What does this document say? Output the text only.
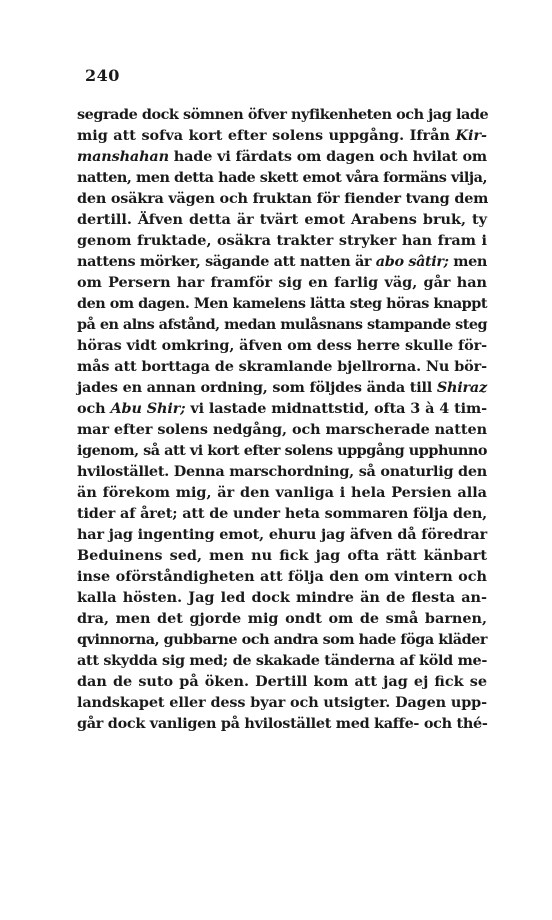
240
segrade dock sömnen öfver nyfikenheten och jag lade
mig att sofva kort efter solens uppgång. Ifrån Kir-
manshahan hade vi färdats om dagen och hvilat om
natten, men detta hade skett emot våra formäns vilja,
den osäkra vägen och fruktan för fiender tvang dem
dertill. Äfven detta är tvärt emot Arabens bruk, ty
genom fruktade, osäkra trakter stryker han fram i
nattens mörker, sägande att natten är abo sâtir; men
om Persern har framför sig en farlig väg, går han
den om dagen. Men kamelens lätta steg höras knappt
på en alns afstånd, medan mulåsnans stampande steg
höras vidt omkring, äfven om dess herre skulle för-
mås att borttaga de skramlande bjellrorna. Nu bör-
jades en annan ordning, som följdes ända till Shiraz
och Abu Shir; vi lastade midnattstid, ofta 3 à 4 tim-
mar efter solens nedgång, och marscherade natten
igenom, så att vi kort efter solens uppgång upphunno
hvilostället. Denna marschordning, så onaturlig den
än förekom mig, är den vanliga i hela Persien alla
tider af året; att de under heta sommaren följa den,
har jag ingenting emot, ehuru jag äfven då föredrar
Beduinens sed, men nu fick jag ofta rätt känbart
inse oförståndigheten att följa den om vintern och
kalla hösten. Jag led dock mindre än de flesta an-
dra, men det gjorde mig ondt om de små barnen,
qvinnorna, gubbarne och andra som hade föga kläder
att skydda sig med; de skakade tänderna af köld me-
dan de suto på öken. Dertill kom att jag ej fick se
landskapet eller dess byar och utsigter. Dagen upp-
går dock vanligen på hvilostället med kaffe- och thé-
